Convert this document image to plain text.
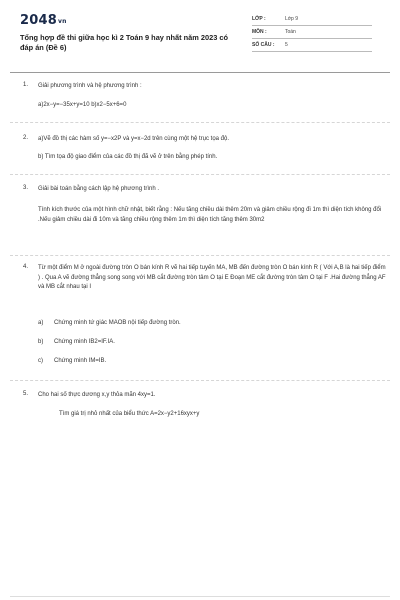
2048vn
Tổng hợp đề thi giữa học kì 2 Toán 9 hay nhất năm 2023 có đáp án (Đề 6)
LỚP :	Lớp 9
MÔN :	Toán
SỐ CÂU : 5
1. Giải phương trình và hệ phương trình :
a)2x−y=−35x+y=10 b)x2−5x+6=0
2. a)Vẽ đồ thị các hàm số y=−x2P và y=x−2d trên cùng một hệ trục tọa độ.
b) Tìm tọa độ giao điểm của các đồ thị đã vẽ ở trên bằng phép tính.
3. Giải bài toán bằng cách lập hệ phương trình .
Tính kích thước của một hình chữ nhật, biết rằng : Nếu tăng chiều dài thêm 20m và giảm chiều rộng đi 1m thì diện tích không đổi .Nếu giảm chiều dài đi 10m và tăng chiều rộng thêm 1m thì diện tích tăng thêm 30m2
4. Từ một điểm M ở ngoài đường tròn O bán kính R vẽ hai tiếp tuyến MA, MB đến đường tròn O bán kính R ( Với A,B là hai tiếp điểm ) . Qua A vẽ đường thẳng song song với MB cắt đường tròn tâm O tại E Đoạn ME cắt đường tròn tâm O tại F .Hai đường thẳng AF và MB cắt nhau tại I
a) Chứng minh tứ giác MAOB nội tiếp đường tròn.
b) Chứng minh IB2=IF.IA.
c) Chứng minh IM=IB.
5. Cho hai số thực dương x,y thỏa mãn 4xy=1.
Tìm giá trị nhỏ nhất của biểu thức A=2x−y2+16xyx+y
